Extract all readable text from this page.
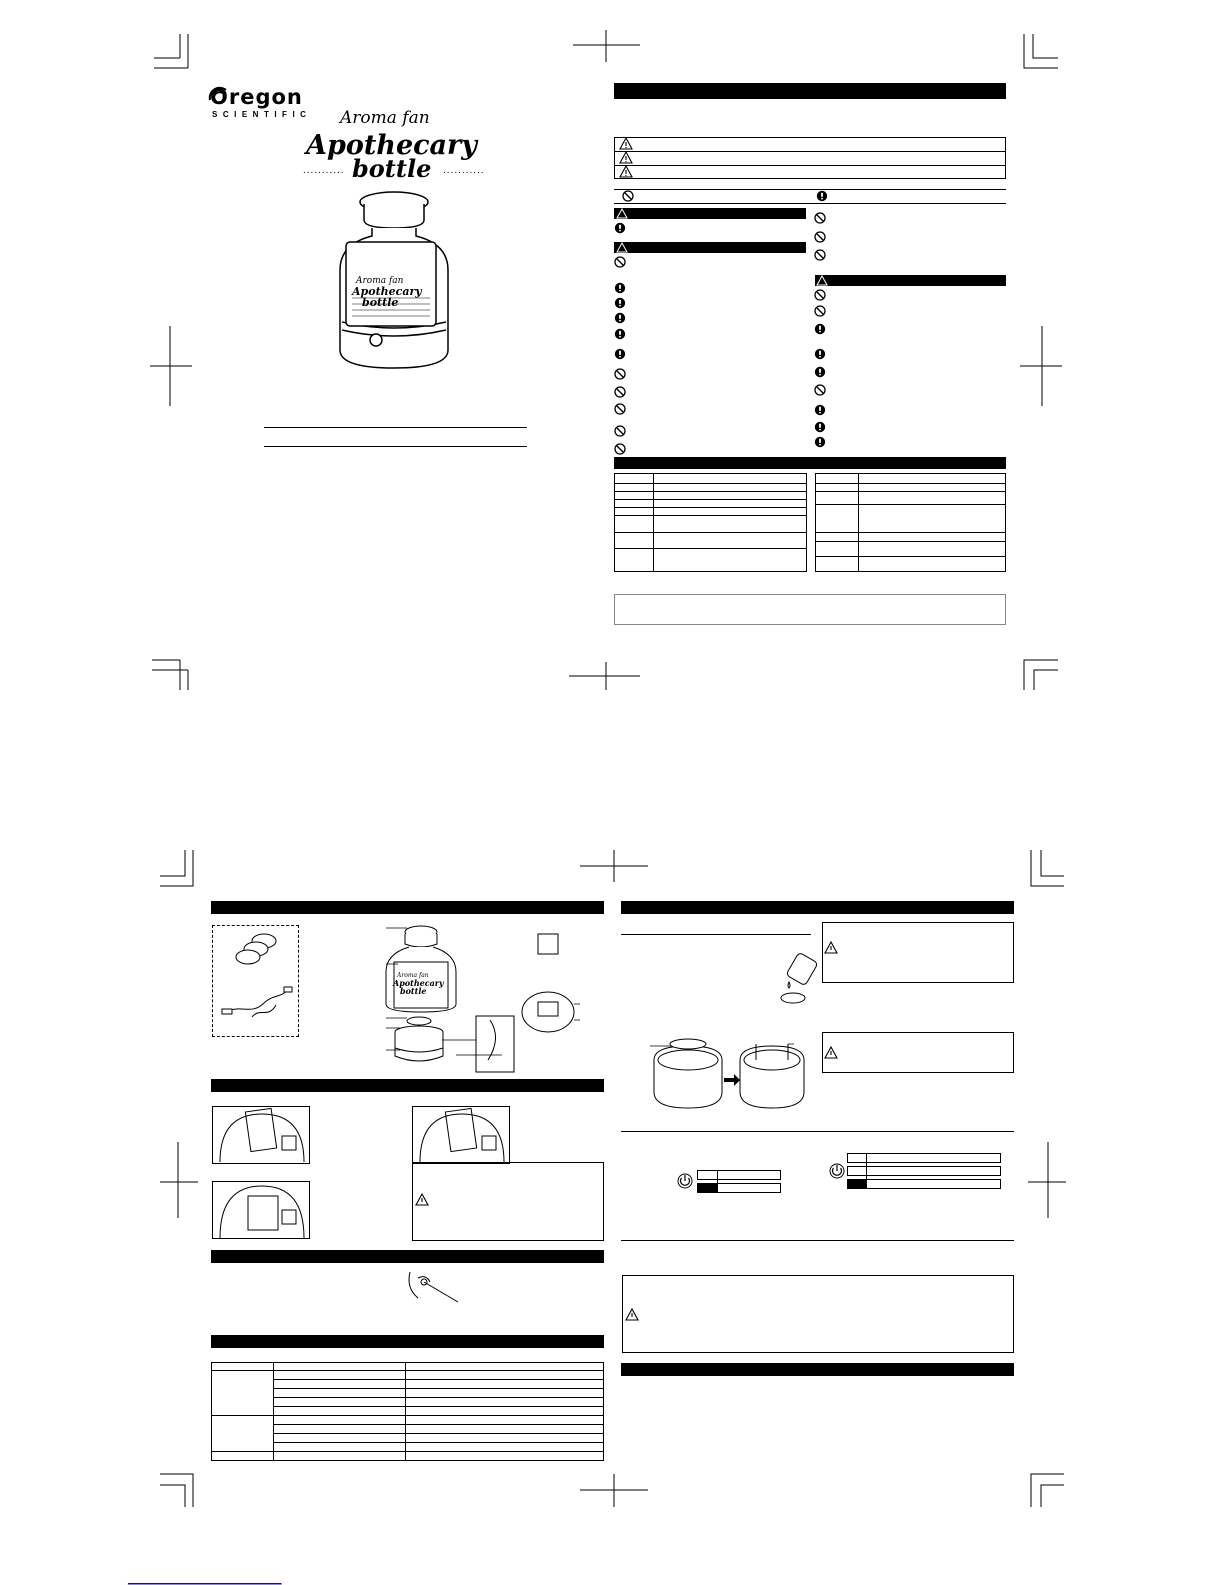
Oregon
SCIENTIFIC Aroma fan
Apothecary
........... bottle ...........
Aroma fan
Apothecary
bottle
Aroma fan
Apothecary
bottle
_______________________
